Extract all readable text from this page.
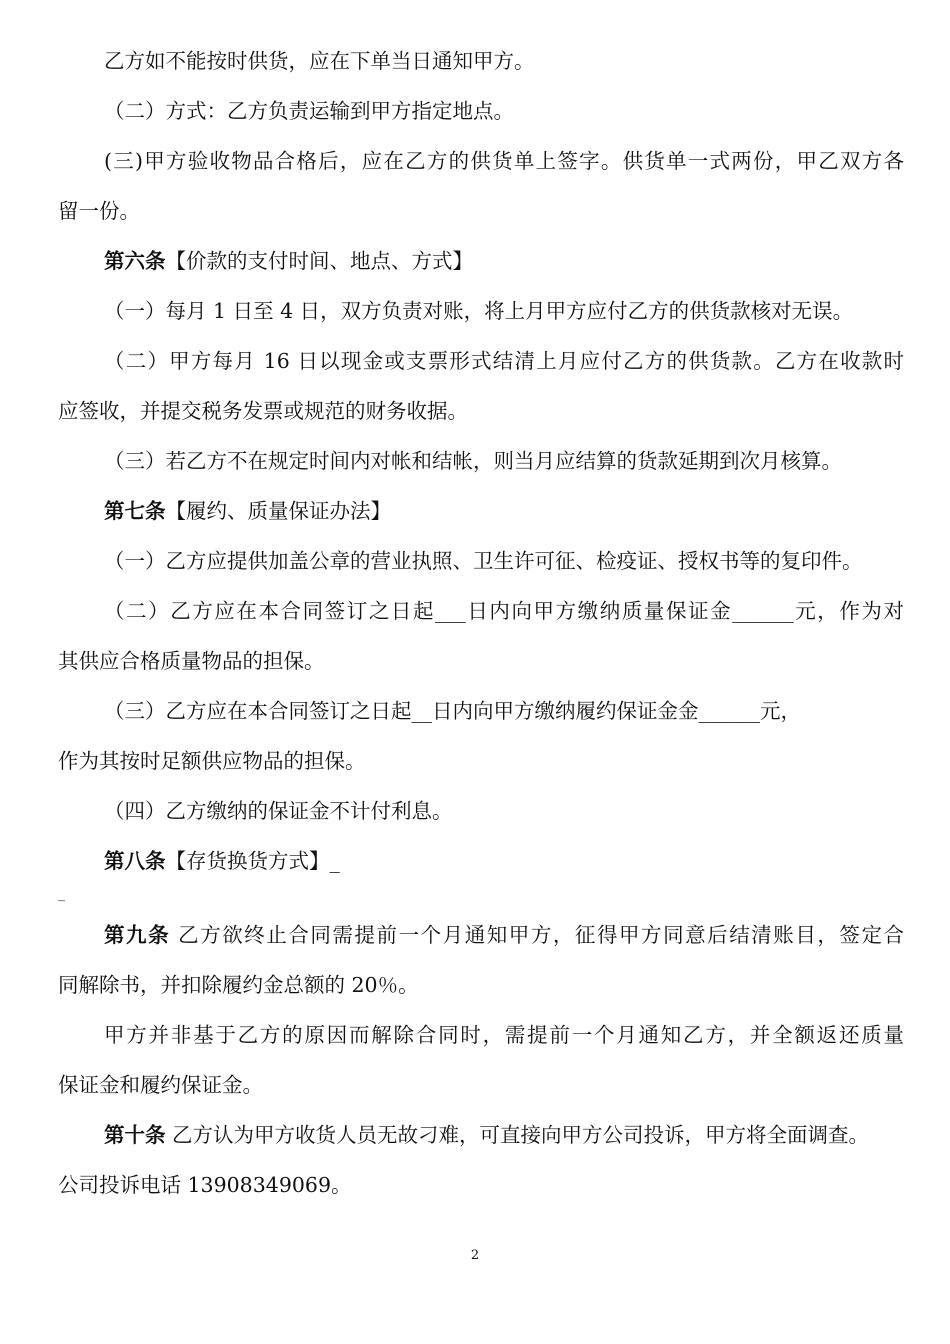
乙方如不能按时供货，应在下单当日通知甲方。
（二）方式：乙方负责运输到甲方指定地点。
(三)甲方验收物品合格后，应在乙方的供货单上签字。供货单一式两份，甲乙双方各
留一份。
第六条【价款的支付时间、地点、方式】
（一）每月 1 日至 4 日，双方负责对账，将上月甲方应付乙方的供货款核对无误。
（二）甲方每月 16 日以现金或支票形式结清上月应付乙方的供货款。乙方在收款时
应签收，并提交税务发票或规范的财务收据。
（三）若乙方不在规定时间内对帐和结帐，则当月应结算的货款延期到次月核算。
第七条【履约、质量保证办法】
（一）乙方应提供加盖公章的营业执照、卫生许可征、检疫证、授权书等的复印件。
（二）乙方应在本合同签订之日起___日内向甲方缴纳质量保证金______元，作为对
其供应合格质量物品的担保。
（三）乙方应在本合同签订之日起__日内向甲方缴纳履约保证金金______元，
作为其按时足额供应物品的担保。
（四）乙方缴纳的保证金不计付利息。
第八条【存货换货方式】_
_
第九条 乙方欲终止合同需提前一个月通知甲方，征得甲方同意后结清账目，签定合
同解除书，并扣除履约金总额的 20％。
甲方并非基于乙方的原因而解除合同时，需提前一个月通知乙方，并全额返还质量
保证金和履约保证金。
第十条 乙方认为甲方收货人员无故刁难，可直接向甲方公司投诉，甲方将全面调查。
公司投诉电话 13908349069。
2
